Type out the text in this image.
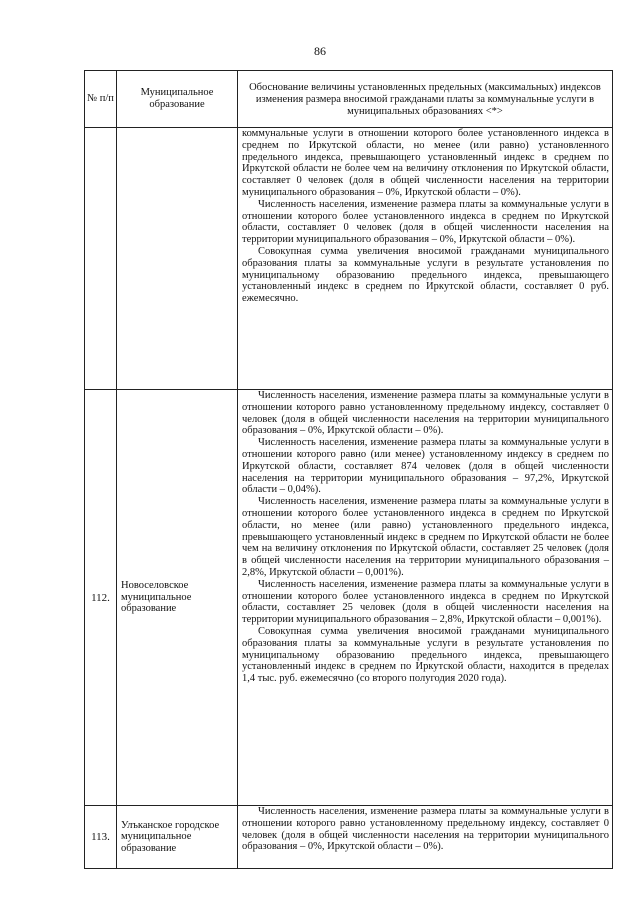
86
№ п/п	Муниципальное образование	Обоснование величины установленных предельных (максимальных) индексов изменения размера вносимой гражданами платы за коммунальные услуги в муниципальных образованиях <*>

		коммунальные услуги в отношении которого более установленного индекса в среднем по Иркутской области, но менее (или равно) установленного предельного индекса, превышающего установленный индекс в среднем по Иркутской области не более чем на величину отклонения по Иркутской области, составляет 0 человек (доля в общей численности населения на территории муниципального образования – 0%, Иркутской области – 0%).

Численность населения, изменение размера платы за коммунальные услуги в отношении которого более установленного индекса в среднем по Иркутской области, составляет 0 человек (доля в общей численности населения на территории муниципального образования – 0%, Иркутской области – 0%).

Совокупная сумма увеличения вносимой гражданами муниципального образования платы за коммунальные услуги в результате установления по муниципальному образованию предельного индекса, превышающего установленный индекс в среднем по Иркутской области, составляет 0 руб. ежемесячно.

112.	Новоселовское муниципальное образование	Численность населения, изменение размера платы за коммунальные услуги в отношении которого равно установленному предельному индексу, составляет 0 человек (доля в общей численности населения на территории муниципального образования – 0%, Иркутской области – 0%).

Численность населения, изменение размера платы за коммунальные услуги в отношении которого равно (или менее) установленному индексу в среднем по Иркутской области, составляет 874 человек (доля в общей численности населения на территории муниципального образования – 97,2%, Иркутской области – 0,04%).

Численность населения, изменение размера платы за коммунальные услуги в отношении которого более установленного индекса в среднем по Иркутской области, но менее (или равно) установленного предельного индекса, превышающего установленный индекс в среднем по Иркутской области не более чем на величину отклонения по Иркутской области, составляет 25 человек (доля в общей численности населения на территории муниципального образования – 2,8%, Иркутской области – 0,001%).

Численность населения, изменение размера платы за коммунальные услуги в отношении которого более установленного индекса в среднем по Иркутской области, составляет 25 человек (доля в общей численности населения на территории муниципального образования – 2,8%, Иркутской области – 0,001%).

Совокупная сумма увеличения вносимой гражданами муниципального образования платы за коммунальные услуги в результате установления по муниципальному образованию предельного индекса, превышающего установленный индекс в среднем по Иркутской области, находится в пределах 1,4 тыс. руб. ежемесячно (со второго полугодия 2020 года).

113.	Улъканское городское муниципальное образование	Численность населения, изменение размера платы за коммунальные услуги в отношении которого равно установленному предельному индексу, составляет 0 человек (доля в общей численности населения на территории муниципального образования – 0%, Иркутской области – 0%).
